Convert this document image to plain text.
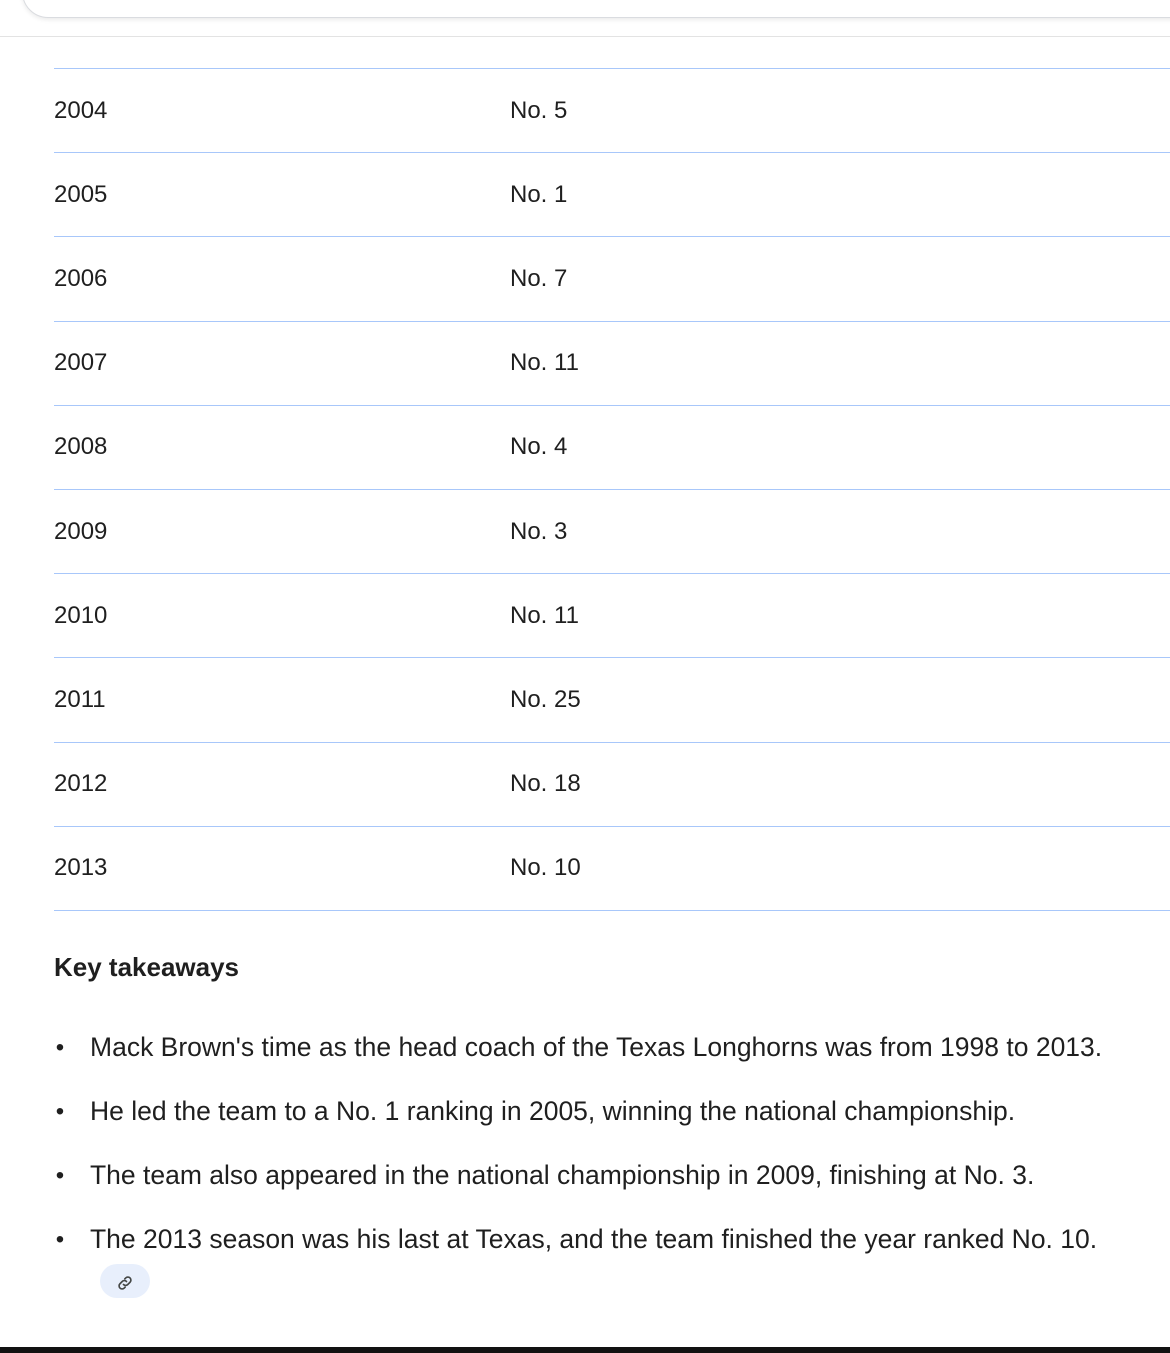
2004	No. 5
2005	No. 1
2006	No. 7
2007	No. 11
2008	No. 4
2009	No. 3
2010	No. 11
2011	No. 25
2012	No. 18
2013	No. 10
Key takeaways
• Mack Brown's time as the head coach of the Texas Longhorns was from 1998 to 2013.
• He led the team to a No. 1 ranking in 2005, winning the national championship.
• The team also appeared in the national championship in 2009, finishing at No. 3.
• The 2013 season was his last at Texas, and the team finished the year ranked No. 10.
